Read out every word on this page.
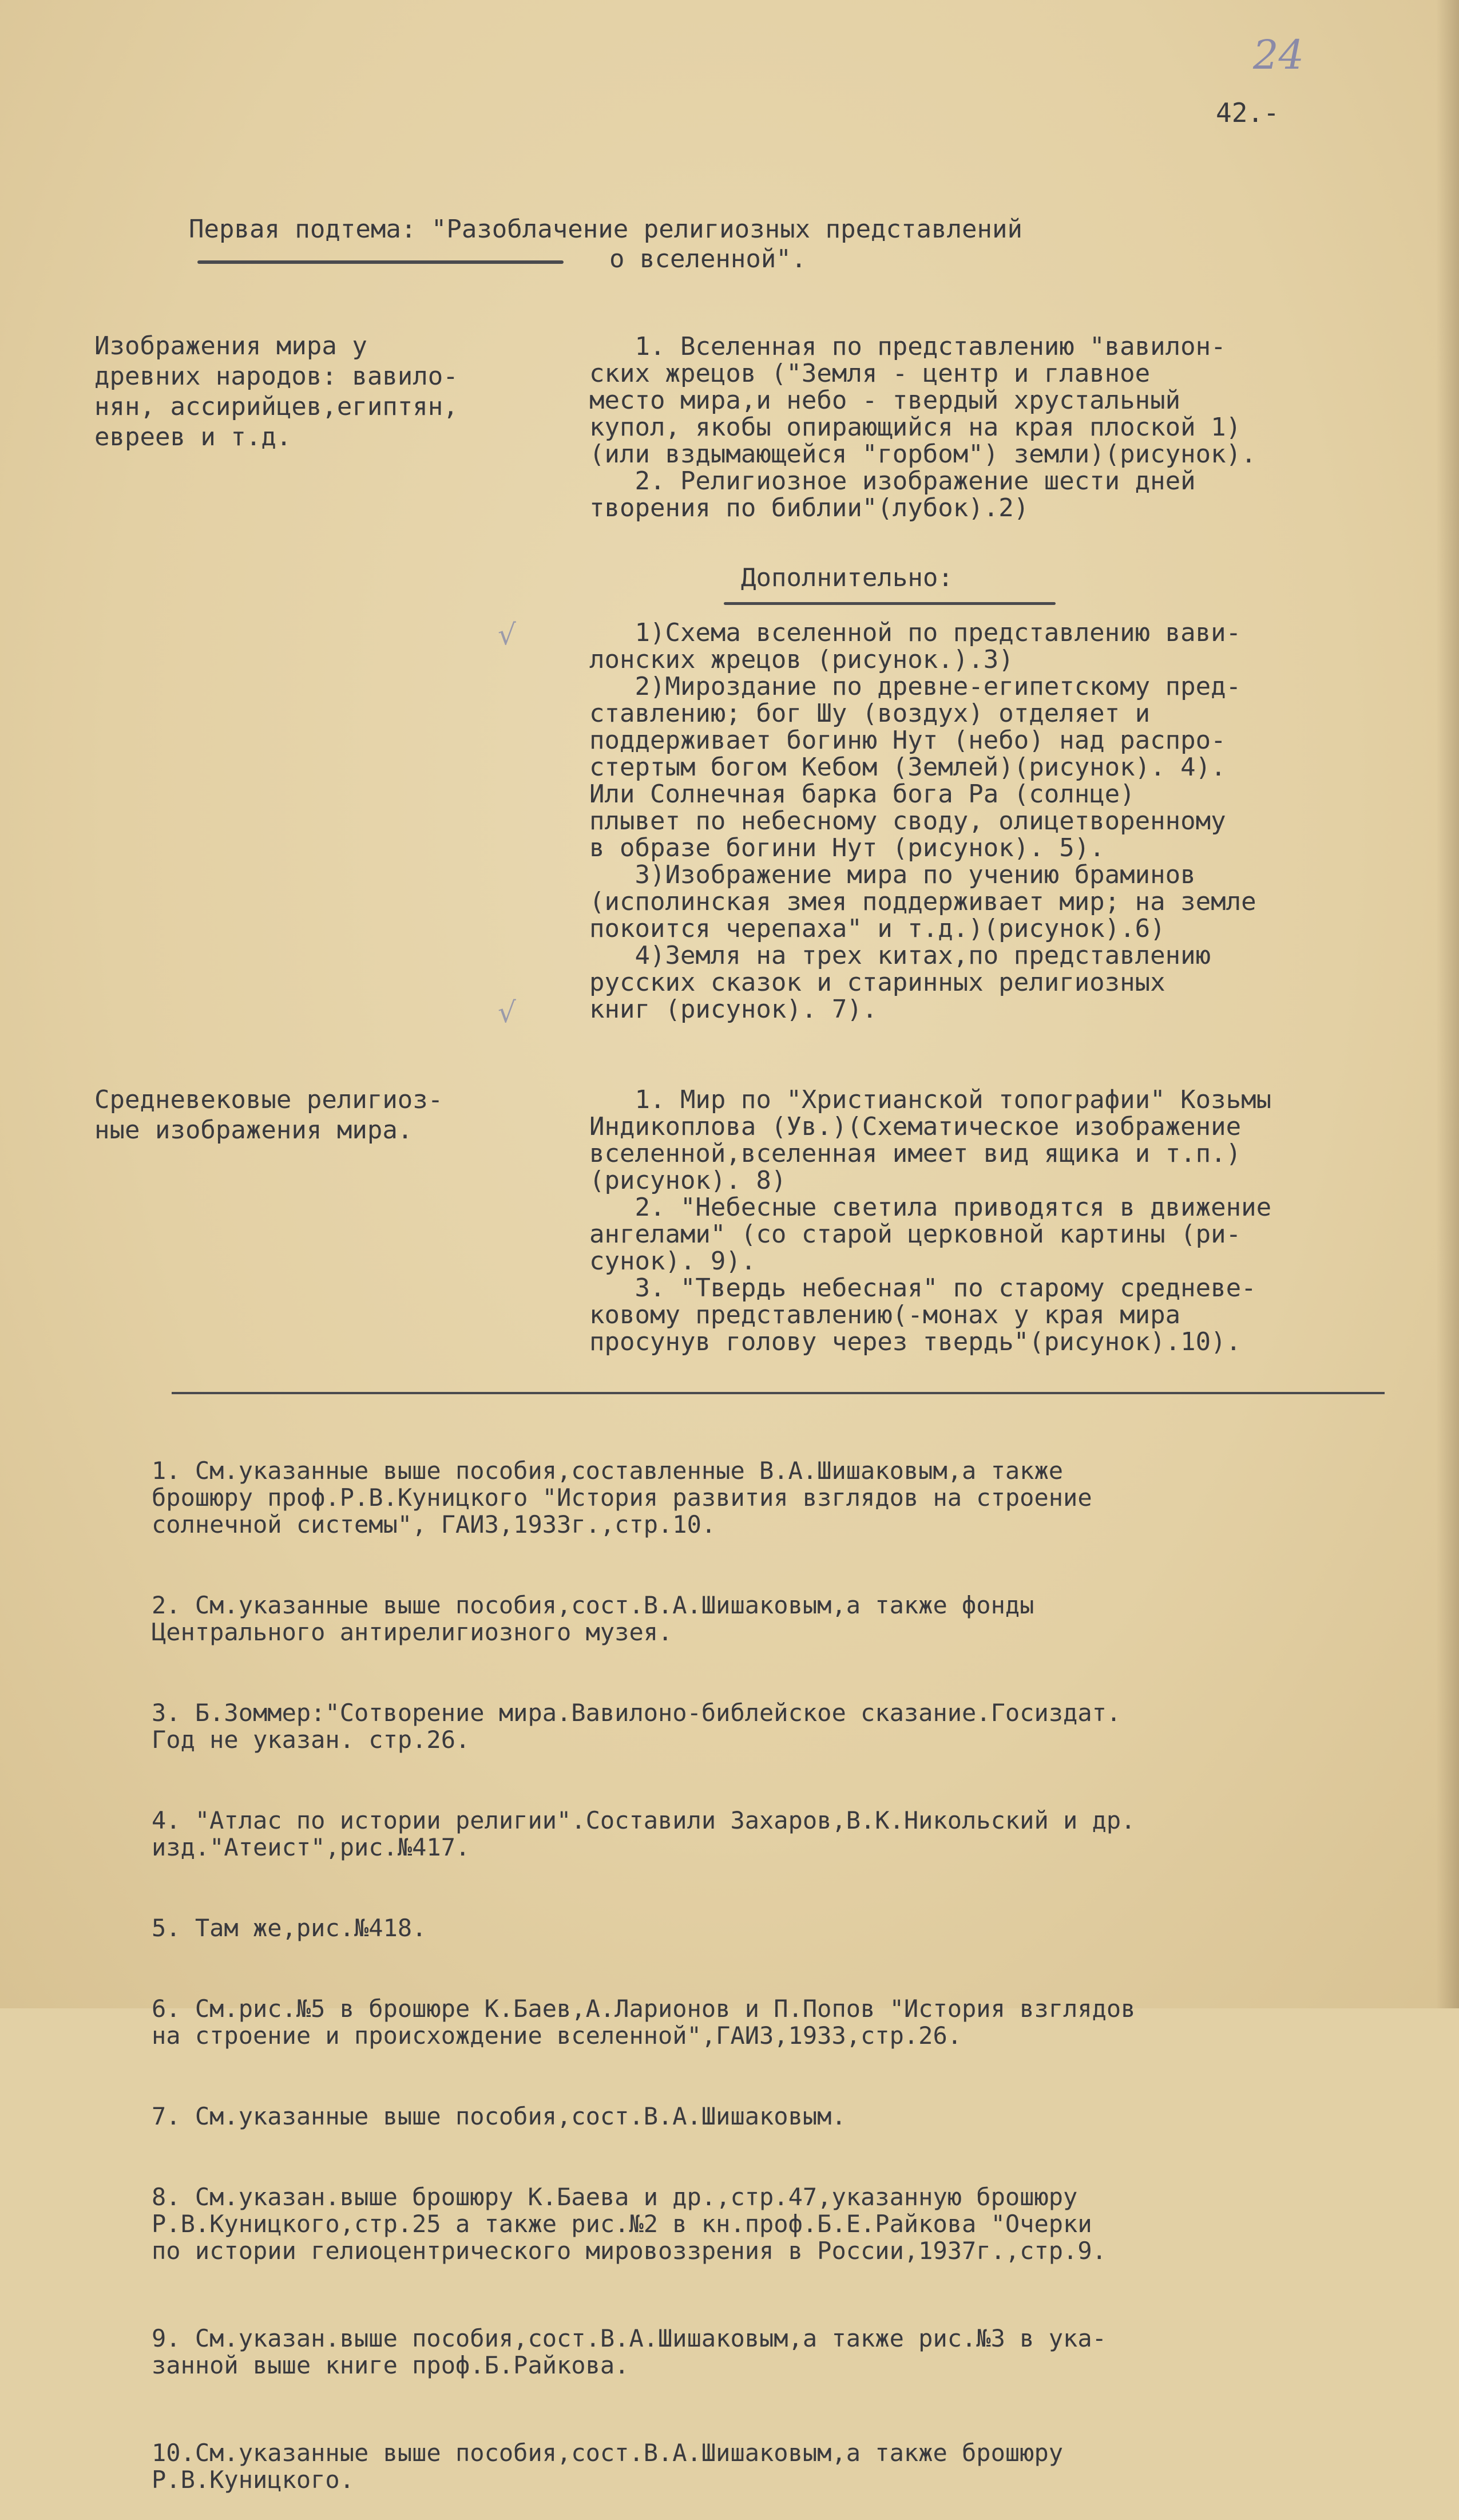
24
42.-
Первая подтема: "Разоблачение религиозных представлений
о вселенной".
Изображения мира у
древних народов: вавило-
нян, ассирийцев,египтян,
евреев и т.д.
1. Вселенная по представлению "вавилон-
ских жрецов ("Земля - центр и главное
место мира,и небо - твердый хрустальный
купол, якобы опирающийся на края плоской 1)
(или вздымающейся "горбом") земли)(рисунок).
2. Религиозное изображение шести дней
творения по библии"(лубок).2)
Дополнительно:
1)Схема вселенной по представлению вави-
лонских жрецов (рисунок.).3)
2)Мироздание по древне-египетскому пред-
ставлению; бог Шу (воздух) отделяет и
поддерживает богиню Нут (небо) над распро-
стертым богом Кебом (Землей)(рисунок). 4).
Или Солнечная барка бога Ра (солнце)
плывет по небесному своду, олицетворенному
в образе богини Нут (рисунок). 5).
3)Изображение мира по учению браминов
(исполинская змея поддерживает мир; на земле
покоится черепаха" и т.д.)(рисунок).6)
4)Земля на трех китах,по представлению
русских сказок и старинных религиозных
книг (рисунок). 7).
Средневековые религиоз-
ные изображения мира.
1. Мир по "Христианской топографии" Козьмы
Индикоплова (Ув.)(Схематическое изображение
вселенной,вселенная имеет вид ящика и т.п.)
(рисунок). 8)
2. "Небесные светила приводятся в движение
ангелами" (со старой церковной картины (ри-
сунок). 9).
3. "Твердь небесная" по старому средневе-
ковому представлению(-монах у края мира
просунув голову через твердь"(рисунок).10).
√
√

1. См.указанные выше пособия,составленные В.А.Шишаковым,а также
брошюру проф.Р.В.Куницкого "История развития взглядов на строение
солнечной системы", ГАИЗ,1933г.,стр.10.

2. См.указанные выше пособия,сост.В.А.Шишаковым,а также фонды
Центрального антирелигиозного музея.

3. Б.Зоммер:"Сотворение мира.Вавилоно-библейское сказание.Госиздат.
Год не указан. стр.26.

4. "Атлас по истории религии".Составили Захаров,В.К.Никольский и др.
изд."Атеист",рис.№417.

5. Там же,рис.№418.

6. См.рис.№5 в брошюре К.Баев,А.Ларионов и П.Попов "История взглядов
на строение и происхождение вселенной",ГАИЗ,1933,стр.26.

7. См.указанные выше пособия,сост.В.А.Шишаковым.

8. См.указан.выше брошюру К.Баева и др.,стр.47,указанную брошюру
Р.В.Куницкого,стр.25 а также рис.№2 в кн.проф.Б.Е.Райкова "Очерки
по истории гелиоцентрического мировоззрения в России,1937г.,стр.9.

9. См.указан.выше пособия,сост.В.А.Шишаковым,а также рис.№3 в ука-
занной выше книге проф.Б.Райкова.

10.См.указанные выше пособия,сост.В.А.Шишаковым,а также брошюру
Р.В.Куницкого.
